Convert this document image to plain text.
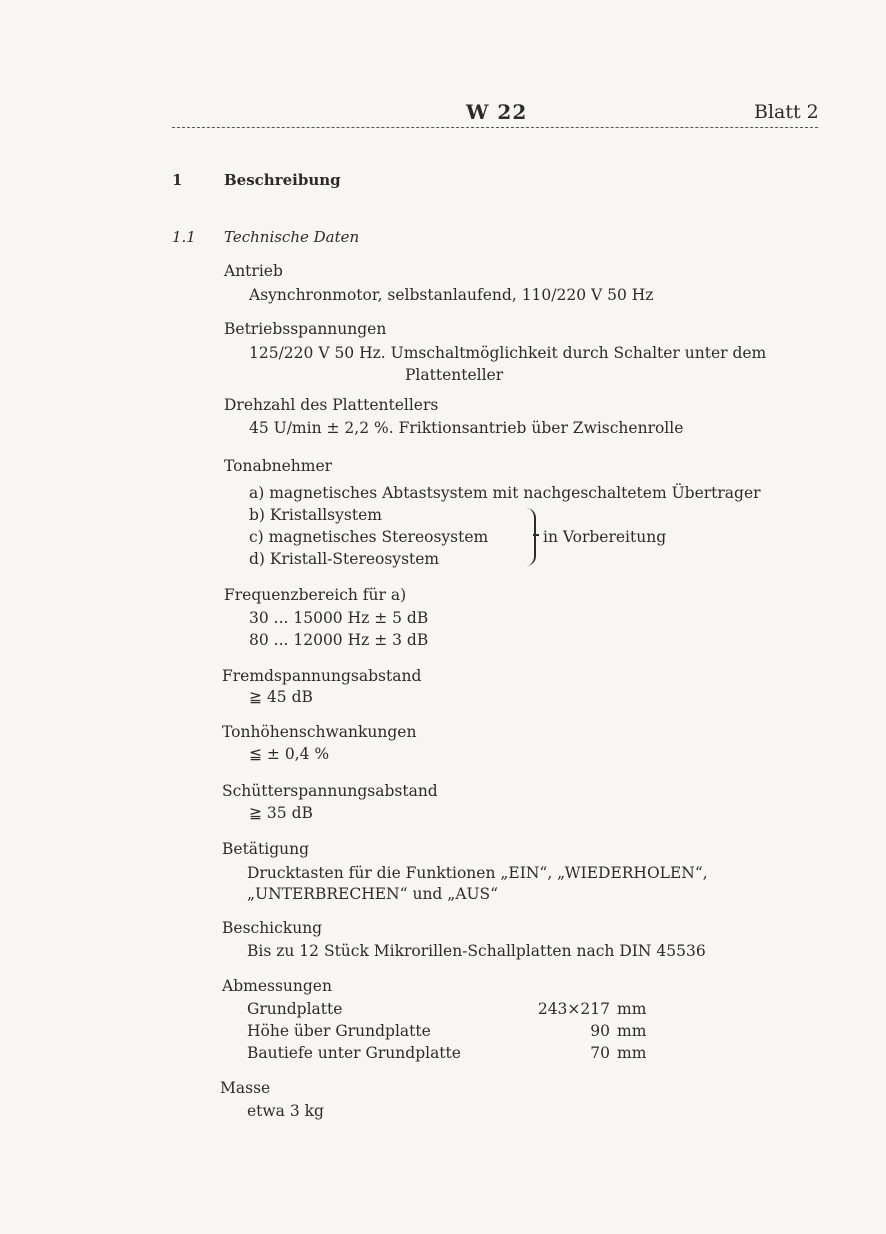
W 22	Blatt 2
1	Beschreibung
1.1 Technische Daten
Antrieb
Asynchronmotor, selbstanlaufend, 110/220 V 50 Hz
Betriebsspannungen
125/220 V 50 Hz. Umschaltmöglichkeit durch Schalter unter dem
Plattenteller
Drehzahl des Plattentellers
45 U/min ± 2,2 %. Friktionsantrieb über Zwischenrolle
Tonabnehmer
a) magnetisches Abtastsystem mit nachgeschaltetem Übertrager
b) Kristallsystem
c) magnetisches Stereosystem
d) Kristall-Stereosystem
in Vorbereitung
Frequenzbereich für a)
30 ... 15000 Hz ± 5 dB
80 ... 12000 Hz ± 3 dB
Fremdspannungsabstand
≧ 45 dB
Tonhöhenschwankungen
≦ ± 0,4 %
Schütterspannungsabstand
≧ 35 dB
Betätigung
Drucktasten für die Funktionen „EIN“, „WIEDERHOLEN“,
„UNTERBRECHEN“ und „AUS“
Beschickung
Bis zu 12 Stück Mikrorillen-Schallplatten nach DIN 45536
Abmessungen
Grundplatte	243×217 mm
Höhe über Grundplatte	90 mm
Bautiefe unter Grundplatte	70 mm
Masse
etwa 3 kg
